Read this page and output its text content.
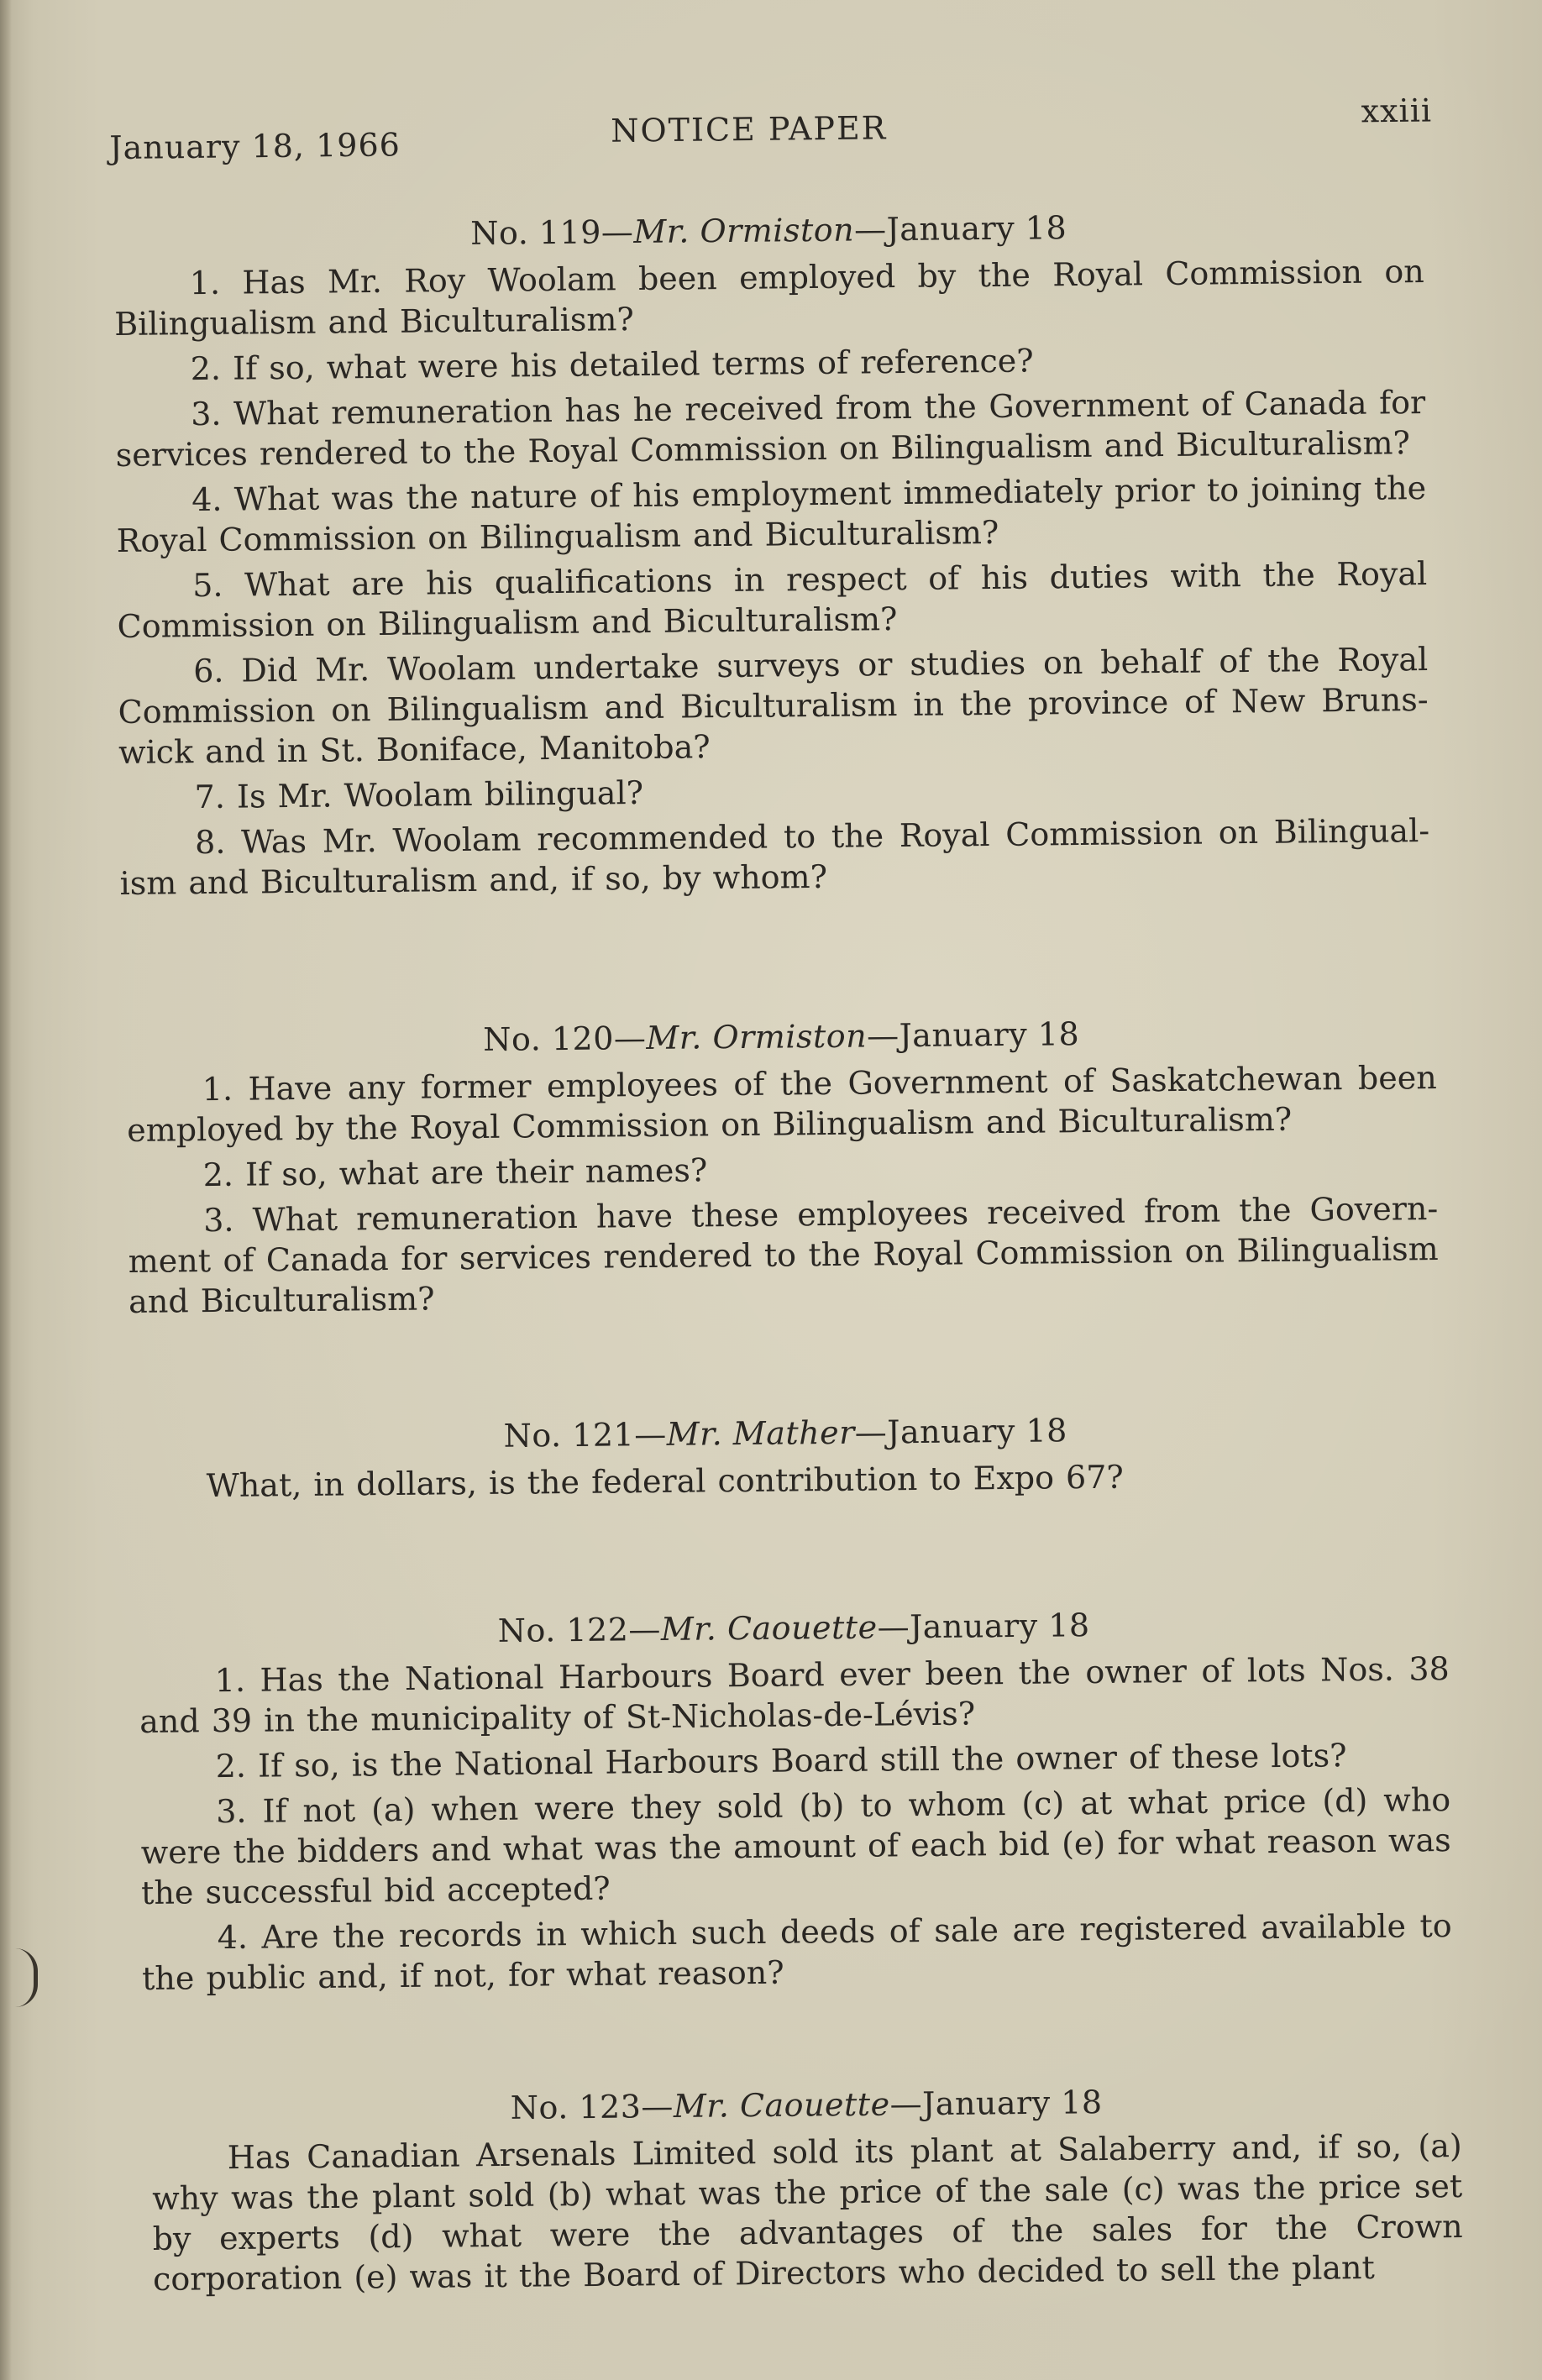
January 18, 1966	NOTICE PAPER	xxiii
No. 119—Mr. Ormiston—January 18

1. Has Mr. Roy Woolam been employed by the Royal Commission on Bilingualism and Biculturalism?

2. If so, what were his detailed terms of reference?

3. What remuneration has he received from the Government of Canada for services rendered to the Royal Commission on Bilingualism and Biculturalism?

4. What was the nature of his employment immediately prior to joining the Royal Commission on Bilingualism and Biculturalism?

5. What are his qualifications in respect of his duties with the Royal Commission on Bilingualism and Biculturalism?

6. Did Mr. Woolam undertake surveys or studies on behalf of the Royal Commission on Bilingualism and Biculturalism in the province of New Brunswick and in St. Boniface, Manitoba?

7. Is Mr. Woolam bilingual?

8. Was Mr. Woolam recommended to the Royal Commission on Bilingualism and Biculturalism and, if so, by whom?

No. 120—Mr. Ormiston—January 18

1. Have any former employees of the Government of Saskatchewan been employed by the Royal Commission on Bilingualism and Biculturalism?

2. If so, what are their names?

3. What remuneration have these employees received from the Government of Canada for services rendered to the Royal Commission on Bilingualism and Biculturalism?

No. 121—Mr. Mather—January 18

What, in dollars, is the federal contribution to Expo 67?

No. 122—Mr. Caouette—January 18

1. Has the National Harbours Board ever been the owner of lots Nos. 38 and 39 in the municipality of St-Nicholas-de-Lévis?

2. If so, is the National Harbours Board still the owner of these lots?

3. If not (a) when were they sold (b) to whom (c) at what price (d) who were the bidders and what was the amount of each bid (e) for what reason was the successful bid accepted?

4. Are the records in which such deeds of sale are registered available to the public and, if not, for what reason?

No. 123—Mr. Caouette—January 18

Has Canadian Arsenals Limited sold its plant at Salaberry and, if so, (a) why was the plant sold (b) what was the price of the sale (c) was the price set by experts (d) what were the advantages of the sales for the Crown corporation (e) was it the Board of Directors who decided to sell the plant
